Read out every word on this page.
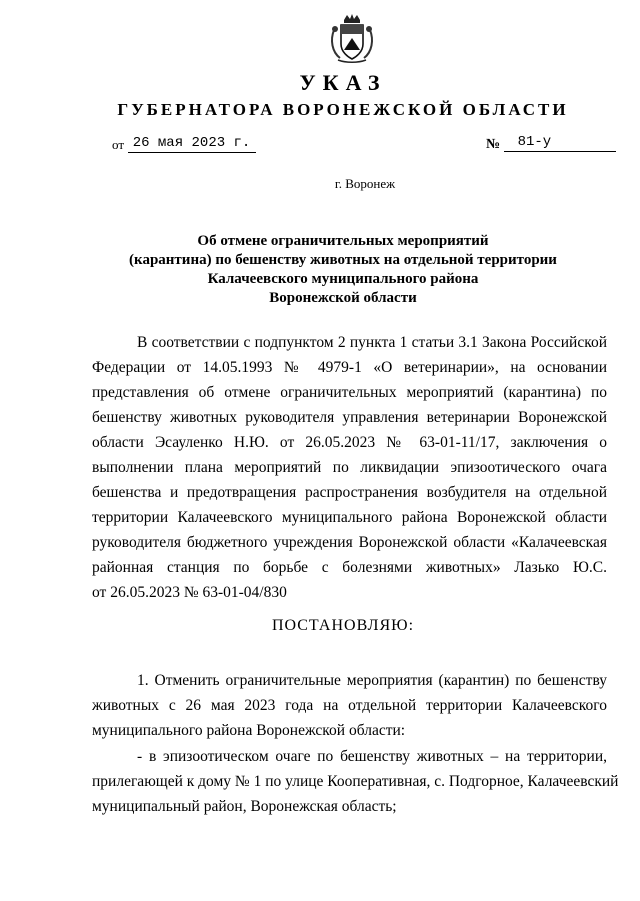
УКАЗ
ГУБЕРНАТОРА ВОРОНЕЖСКОЙ ОБЛАСТИ
от 26 мая 2023 г.	№ 81-у
г. Воронеж
Об отмене ограничительных мероприятий
(карантина) по бешенству животных на отдельной территории
Калачеевского муниципального района
Воронежской области
В соответствии с подпунктом 2 пункта 1 статьи 3.1 Закона Российской
Федерации от 14.05.1993 № 4979-1 «О ветеринарии», на основании
представления об отмене ограничительных мероприятий (карантина) по
бешенству животных руководителя управления ветеринарии Воронежской
области Эсауленко Н.Ю. от 26.05.2023 № 63-01-11/17, заключения о
выполнении плана мероприятий по ликвидации эпизоотического очага
бешенства и предотвращения распространения возбудителя на отдельной
территории Калачеевского муниципального района Воронежской области
руководителя бюджетного учреждения Воронежской области «Калачеевская
районная станция по борьбе с болезнями животных» Лазько Ю.С.
от 26.05.2023 № 63-01-04/830
ПОСТАНОВЛЯЮ:
1. Отменить ограничительные мероприятия (карантин) по бешенству
животных с 26 мая 2023 года на отдельной территории Калачеевского
муниципального района Воронежской области:
- в эпизоотическом очаге по бешенству животных – на территории,
прилегающей к дому № 1 по улице Кооперативная, с. Подгорное, Калачеевский
муниципальный район, Воронежская область;
